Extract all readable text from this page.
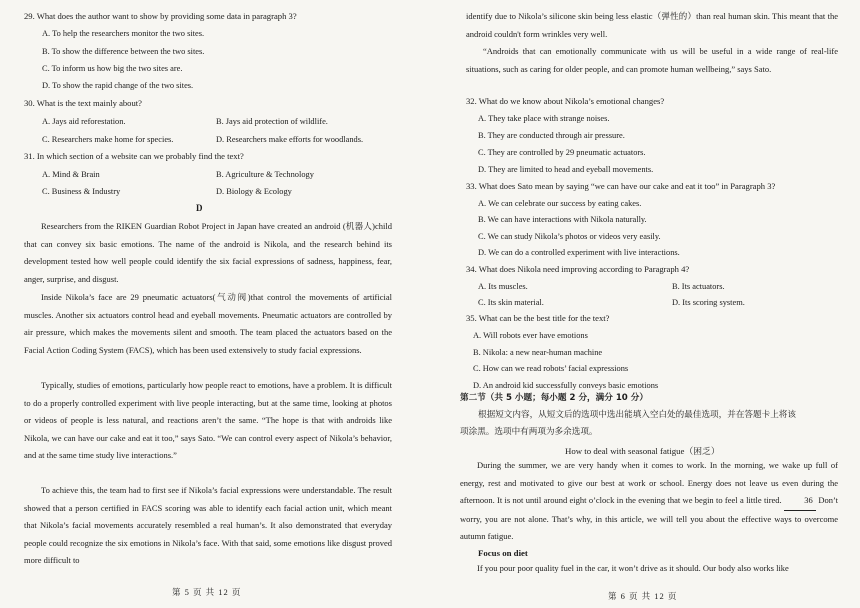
29. What does the author want to show by providing some data in paragraph 3?
A. To help the researchers monitor the two sites.
B. To show the difference between the two sites.
C. To inform us how big the two sites are.
D. To show the rapid change of the two sites.
30. What is the text mainly about?
A. Jays aid reforestation.	B. Jays aid protection of wildlife.
C. Researchers make home for species.	D. Researchers make efforts for woodlands.
31. In which section of a website can we probably find the text?
A. Mind & Brain	B. Agriculture & Technology
C. Business & Industry	D. Biology & Ecology
D
Researchers from the RIKEN Guardian Robot Project in Japan have created an android (机器人)child that can convey six basic emotions. The name of the android is Nikola, and the research behind its development tested how well people could identify the six facial expressions of sadness, happiness, fear, anger, surprise, and disgust.
Inside Nikola’s face are 29 pneumatic actuators(气动阀)that control the movements of artificial muscles. Another six actuators control head and eyeball movements. Pneumatic actuators are controlled by air pressure, which makes the movements silent and smooth. The team placed the actuators based on the Facial Action Coding System (FACS), which has been used extensively to study facial expressions.
Typically, studies of emotions, particularly how people react to emotions, have a problem. It is difficult to do a properly controlled experiment with live people interacting, but at the same time, looking at photos or videos of people is less natural, and reactions aren’t the same. “The hope is that with androids like Nikola, we can have our cake and eat it too,” says Sato. “We can control every aspect of Nikola’s behavior, and at the same time study live interactions.”
To achieve this, the team had to first see if Nikola’s facial expressions were understandable. The result showed that a person certified in FACS scoring was able to identify each facial action unit, which meant that Nikola’s facial movements accurately resembled a real human’s. It also demonstrated that everyday people could recognize the six emotions in Nikola’s face. With that said, some emotions like disgust proved more difficult to
第 5 页 共 12 页
identify due to Nikola’s silicone skin being less elastic（弹性的）than real human skin. This meant that the android couldn't form wrinkles very well.
“Androids that can emotionally communicate with us will be useful in a wide range of real-life situations, such as caring for older people, and can promote human wellbeing,” says Sato.
32. What do we know about Nikola’s emotional changes?
A. They take place with strange noises.
B. They are conducted through air pressure.
C. They are controlled by 29 pneumatic actuators.
D. They are limited to head and eyeball movements.
33. What does Sato mean by saying “we can have our cake and eat it too” in Paragraph 3?
A. We can celebrate our success by eating cakes.
B. We can have interactions with Nikola naturally.
C. We can study Nikola’s photos or videos very easily.
D. We can do a controlled experiment with live interactions.
34. What does Nikola need improving according to Paragraph 4?
A. Its muscles.	B. Its actuators.
C. Its skin material.	D. Its scoring system.
35. What can be the best title for the text?
A. Will robots ever have emotions
B. Nikola: a new near-human machine
C. How can we read robots’ facial expressions
D. An android kid successfully conveys basic emotions
第二节（共 5 小题；每小题 2 分，满分 10 分）
根据短文内容，从短文后的选项中选出能填入空白处的最佳选项，并在答题卡上将该
项涂黑。选项中有两项为多余选项。
How to deal with seasonal fatigue（困乏）
During the summer, we are very handy when it comes to work. In the morning, we wake up full of energy, rest and motivated to give our best at work or school. Energy does not leave us even during the afternoon. It is not until around eight o’clock in the evening that we begin to feel a little tired.	36 Don’t worry, you are not alone. That’s why, in this article, we will tell you about the effective ways to overcome autumn fatigue.
Focus on diet
If you pour poor quality fuel in the car, it won’t drive as it should. Our body also works like
第 6 页 共 12 页
